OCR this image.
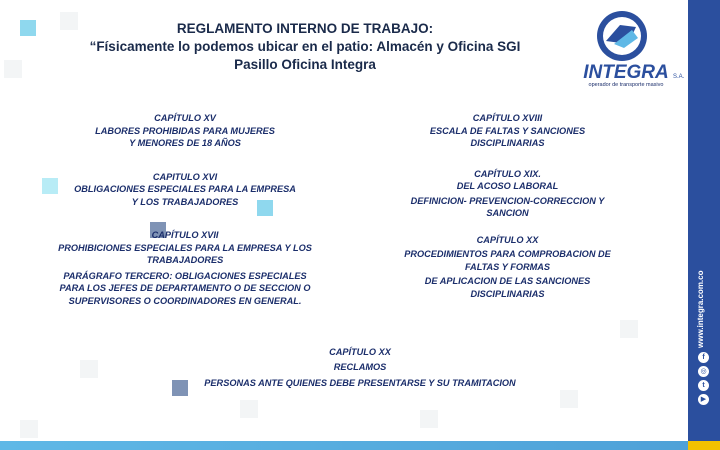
REGLAMENTO INTERNO DE TRABAJO:
“Físicamente lo podemos ubicar en el patio: Almacén y Oficina SGI
Pasillo Oficina Integra	INTEGRA S.A.
operador de transporte masivo
CAPÍTULO XV
LABORES PROHIBIDAS PARA MUJERES
Y MENORES DE 18 AÑOS
CAPITULO XVI
OBLIGACIONES ESPECIALES PARA LA EMPRESA
Y LOS TRABAJADORES
CAPÍTULO XVII
PROHIBICIONES ESPECIALES PARA LA EMPRESA Y LOS
TRABAJADORES
PARÁGRAFO TERCERO: OBLIGACIONES ESPECIALES
PARA LOS JEFES DE DEPARTAMENTO O DE SECCION O
SUPERVISORES O COORDINADORES EN GENERAL.
CAPÍTULO XVIII
ESCALA DE FALTAS Y SANCIONES
DISCIPLINARIAS
CAPÍTULO XIX.
DEL ACOSO LABORAL
DEFINICION- PREVENCION-CORRECCION Y
SANCION
CAPÍTULO XX
PROCEDIMIENTOS PARA COMPROBACION DE
FALTAS Y FORMAS
DE APLICACION DE LAS SANCIONES
DISCIPLINARIAS
CAPÍTULO XX
RECLAMOS
PERSONAS ANTE QUIENES DEBE PRESENTARSE Y SU TRAMITACION
www.integra.com.co
f
◎
t
▶
